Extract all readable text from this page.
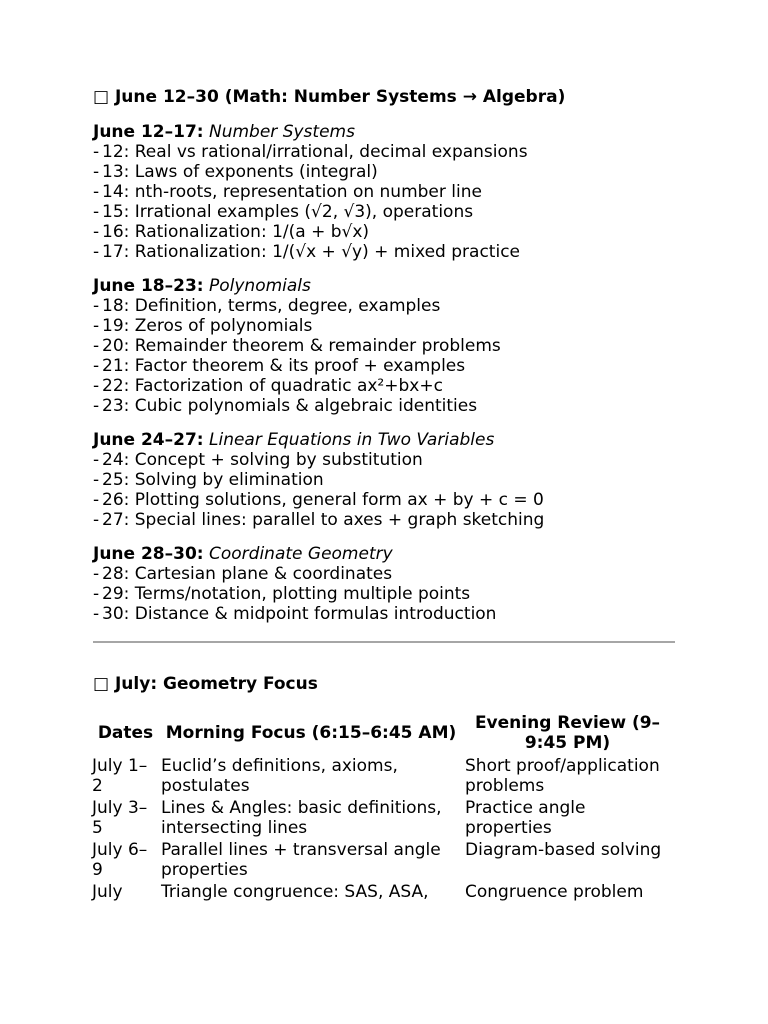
□ June 12–30 (Math: Number Systems → Algebra)
June 12–17: Number Systems
- 12: Real vs rational/irrational, decimal expansions
- 13: Laws of exponents (integral)
- 14: nth-roots, representation on number line
- 15: Irrational examples (√2, √3), operations
- 16: Rationalization: 1/(a + b√x)
- 17: Rationalization: 1/(√x + √y) + mixed practice
June 18–23: Polynomials
- 18: Definition, terms, degree, examples
- 19: Zeros of polynomials
- 20: Remainder theorem & remainder problems
- 21: Factor theorem & its proof + examples
- 22: Factorization of quadratic ax²+bx+c
- 23: Cubic polynomials & algebraic identities
June 24–27: Linear Equations in Two Variables
- 24: Concept + solving by substitution
- 25: Solving by elimination
- 26: Plotting solutions, general form ax + by + c = 0
- 27: Special lines: parallel to axes + graph sketching
June 28–30: Coordinate Geometry
- 28: Cartesian plane & coordinates
- 29: Terms/notation, plotting multiple points
- 30: Distance & midpoint formulas introduction
□ July: Geometry Focus
Dates	Morning Focus (6:15–6:45 AM)	Evening Review (9–9:45 PM)
July 1–2	Euclid’s definitions, axioms, postulates	Short proof/application problems
July 3–5	Lines & Angles: basic definitions, intersecting lines	Practice angle properties
July 6–9	Parallel lines + transversal angle properties	Diagram-based solving
July	Triangle congruence: SAS, ASA,	Congruence problem
